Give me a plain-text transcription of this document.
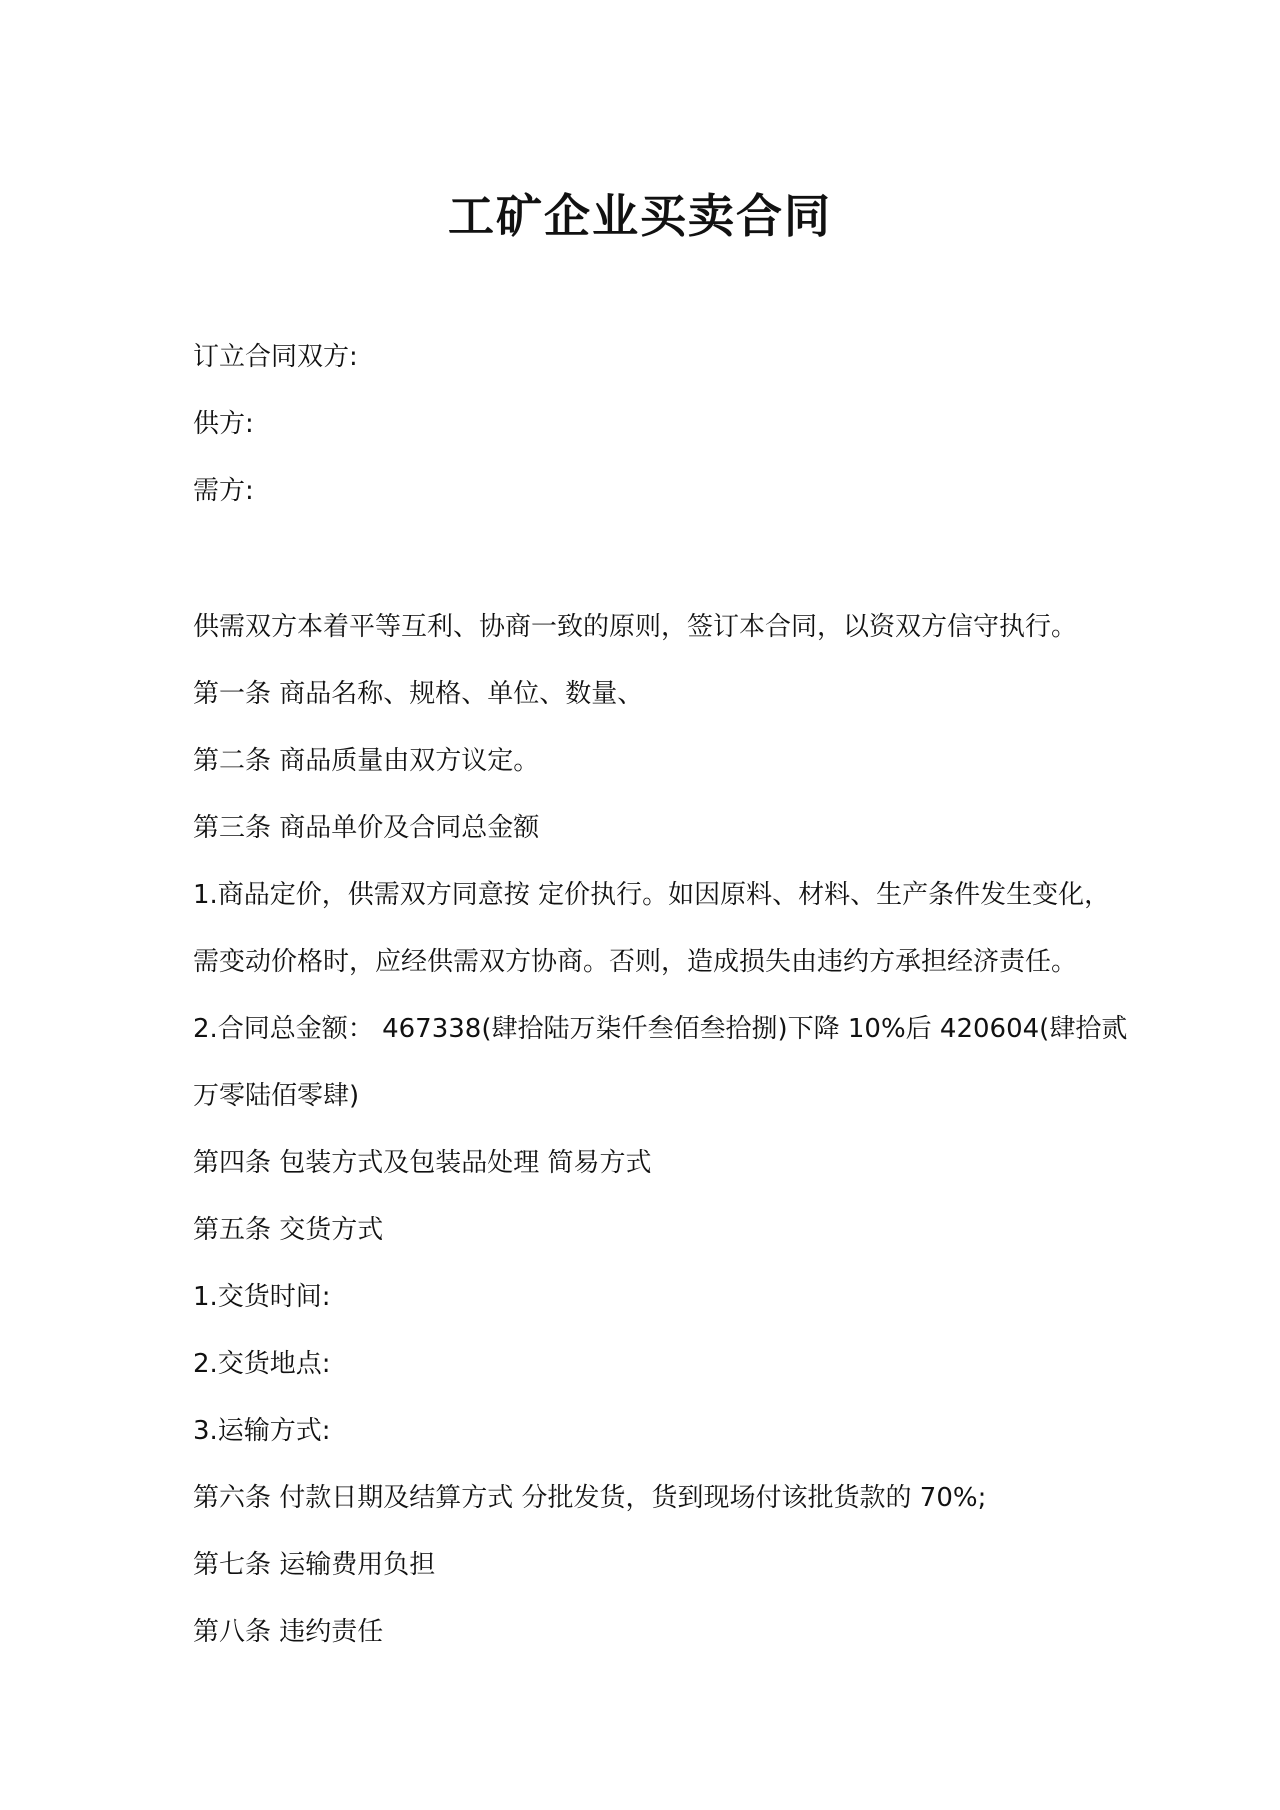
工矿企业买卖合同
订立合同双方:
供方:
需方:
供需双方本着平等互利、协商一致的原则，签订本合同，以资双方信守执行。
第一条 商品名称、规格、单位、数量、
第二条 商品质量由双方议定。
第三条 商品单价及合同总金额
1.商品定价，供需双方同意按 定价执行。如因原料、材料、生产条件发生变化，
需变动价格时，应经供需双方协商。否则，造成损失由违约方承担经济责任。
2.合同总金额： 467338(肆拾陆万柒仟叁佰叁拾捌)下降 10%后 420604(肆拾贰
万零陆佰零肆)
第四条 包装方式及包装品处理 简易方式
第五条 交货方式
1.交货时间:
2.交货地点:
3.运输方式:
第六条 付款日期及结算方式 分批发货，货到现场付该批货款的 70%;
第七条 运输费用负担
第八条 违约责任
